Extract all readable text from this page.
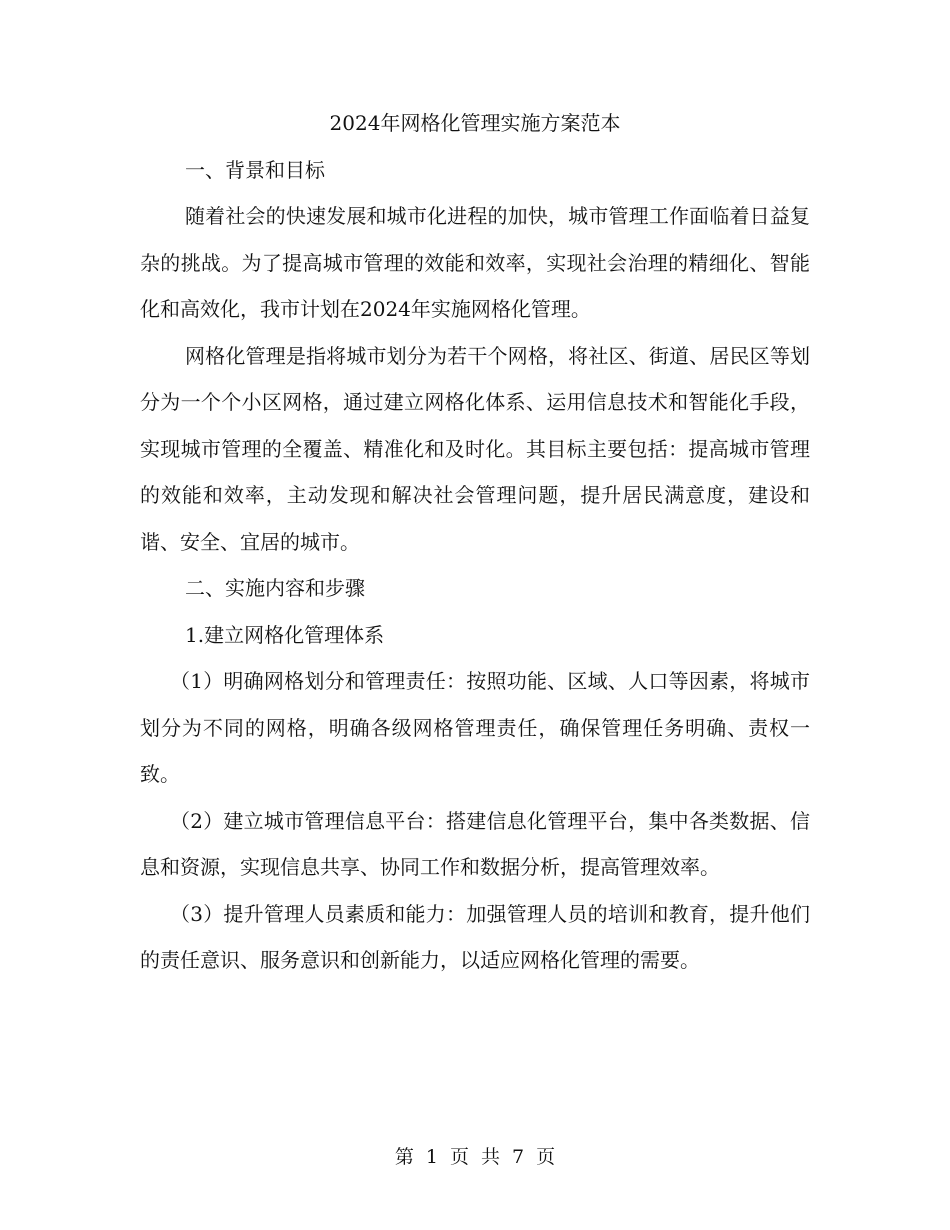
2024年网格化管理实施方案范本
一、背景和目标

随着社会的快速发展和城市化进程的加快，城市管理工作面临着日益复杂的挑战。为了提高城市管理的效能和效率，实现社会治理的精细化、智能化和高效化，我市计划在2024年实施网格化管理。

网格化管理是指将城市划分为若干个网格，将社区、街道、居民区等划分为一个个小区网格，通过建立网格化体系、运用信息技术和智能化手段，实现城市管理的全覆盖、精准化和及时化。其目标主要包括：提高城市管理的效能和效率，主动发现和解决社会管理问题，提升居民满意度，建设和谐、安全、宜居的城市。

二、实施内容和步骤
1.建立网格化管理体系

（1）明确网格划分和管理责任：按照功能、区域、人口等因素，将城市划分为不同的网格，明确各级网格管理责任，确保管理任务明确、责权一致。

（2）建立城市管理信息平台：搭建信息化管理平台，集中各类数据、信息和资源，实现信息共享、协同工作和数据分析，提高管理效率。

（3）提升管理人员素质和能力：加强管理人员的培训和教育，提升他们的责任意识、服务意识和创新能力，以适应网格化管理的需要。

第 1 页 共 7 页
